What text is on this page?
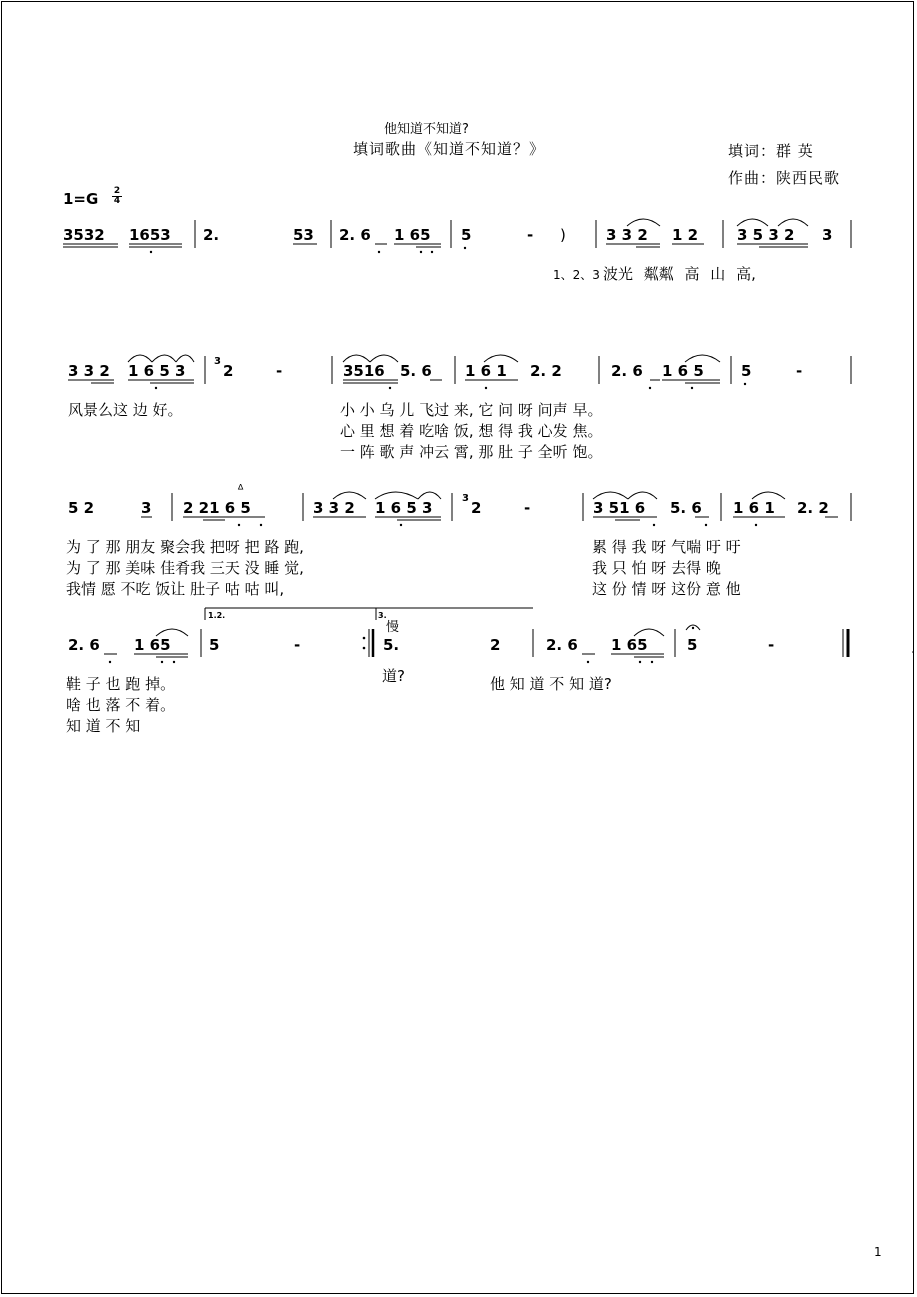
他知道不知道?
填词歌曲《知道不知道？》	填词：群 英
作曲：陕西民歌
1=G 2
4
3532 1653 2.	53 2. 6 1 65 5	- )	3 3 2 1 2	3 5 3 2 3
3 3 2 1 6 5 3	2
3
-	3516 5. 6 1 6 1 2. 2	2. 6 1 6 5 5	-
5 2	3 2 21 6 5
ᐞ
3 3 2 1 6 5 3	2
3
-	3 51 6 5. 6 1 6 1 2. 2
1.2.	3.
慢
2. 6 1 65	5	-	5.	2	2. 6 1 65	5	-
1、2、3 波光 粼粼 高 山 高,
风景么这 边 好。	小 小 乌 儿 飞过 来, 它 问 呀 问声 早。
心 里 想 着 吃啥 饭, 想 得 我 心发 焦。
一 阵 歌 声 冲云 霄, 那 肚 子 全听 饱。
为 了 那 朋友 聚会我 把呀 把 路 跑,	累 得 我 呀 气喘 吁 吁
为 了 那 美味 佳肴我 三天 没 睡 觉,	我 只 怕 呀 去得 晚
我情 愿 不吃 饭让 肚子 咕 咕 叫,	这 份 情 呀 这份 意 他
鞋 子 也 跑 掉。
啥 也 落 不 着。
知 道 不 知
道?	他 知 道 不 知 道?
1
